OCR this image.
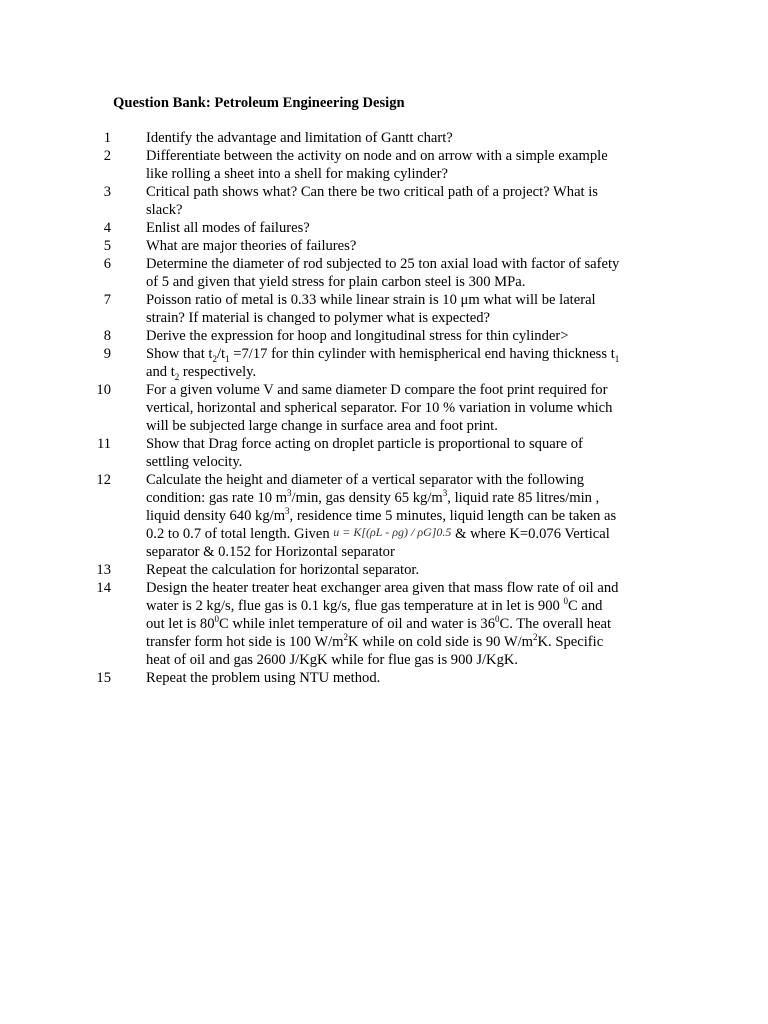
Question Bank: Petroleum Engineering Design
1	Identify the advantage and limitation of Gantt chart?
2	Differentiate between the activity on node and on arrow with a simple example like rolling a sheet into a shell for making cylinder?
3	Critical path shows what? Can there be two critical path of a project? What is slack?
4	Enlist all modes of failures?
5	What are major theories of failures?
6	Determine the diameter of rod subjected to 25 ton axial load with factor of safety of 5 and given that yield stress for plain carbon steel is 300 MPa.
7	Poisson ratio of metal is 0.33 while linear strain is 10 μm what will be lateral strain? If material is changed to polymer what is expected?
8	Derive the expression for hoop and longitudinal stress for thin cylinder>
9	Show that $t_2/t_1 =7/17$ for thin cylinder with hemispherical end having thickness $t_1$ and $t_2$ respectively.
10	For a given volume V and same diameter D compare the foot print required for vertical, horizontal and spherical separator. For 10 % variation in volume which will be subjected large change in surface area and foot print.
11	Show that Drag force acting on droplet particle is proportional to square of settling velocity.
12	Calculate the height and diameter of a vertical separator with the following condition: gas rate 10 $m^3/\min$, gas density 65 $kg/m^3$, liquid rate 85 litres/min , liquid density 640 $kg/m^3$, residence time 5 minutes, liquid length can be taken as 0.2 to 0.7 of total length. Given u = K[(ρL - ρg) / ρG]0.5 & where K=0.076 Vertical separator & 0.152 for Horizontal separator
13	Repeat the calculation for horizontal separator.
14	Design the heater treater heat exchanger area given that mass flow rate of oil and water is 2 kg/s, flue gas is 0.1 kg/s, flue gas temperature at in let is 900 $^0$C and out let is $80^0C$ while inlet temperature of oil and water is $36^0C$. The overall heat transfer form hot side is 100 $W/m^2K$ while on cold side is 90 $W/m^2K$. Specific heat of oil and gas 2600 J/KgK while for flue gas is 900 J/KgK.
15	Repeat the problem using NTU method.
